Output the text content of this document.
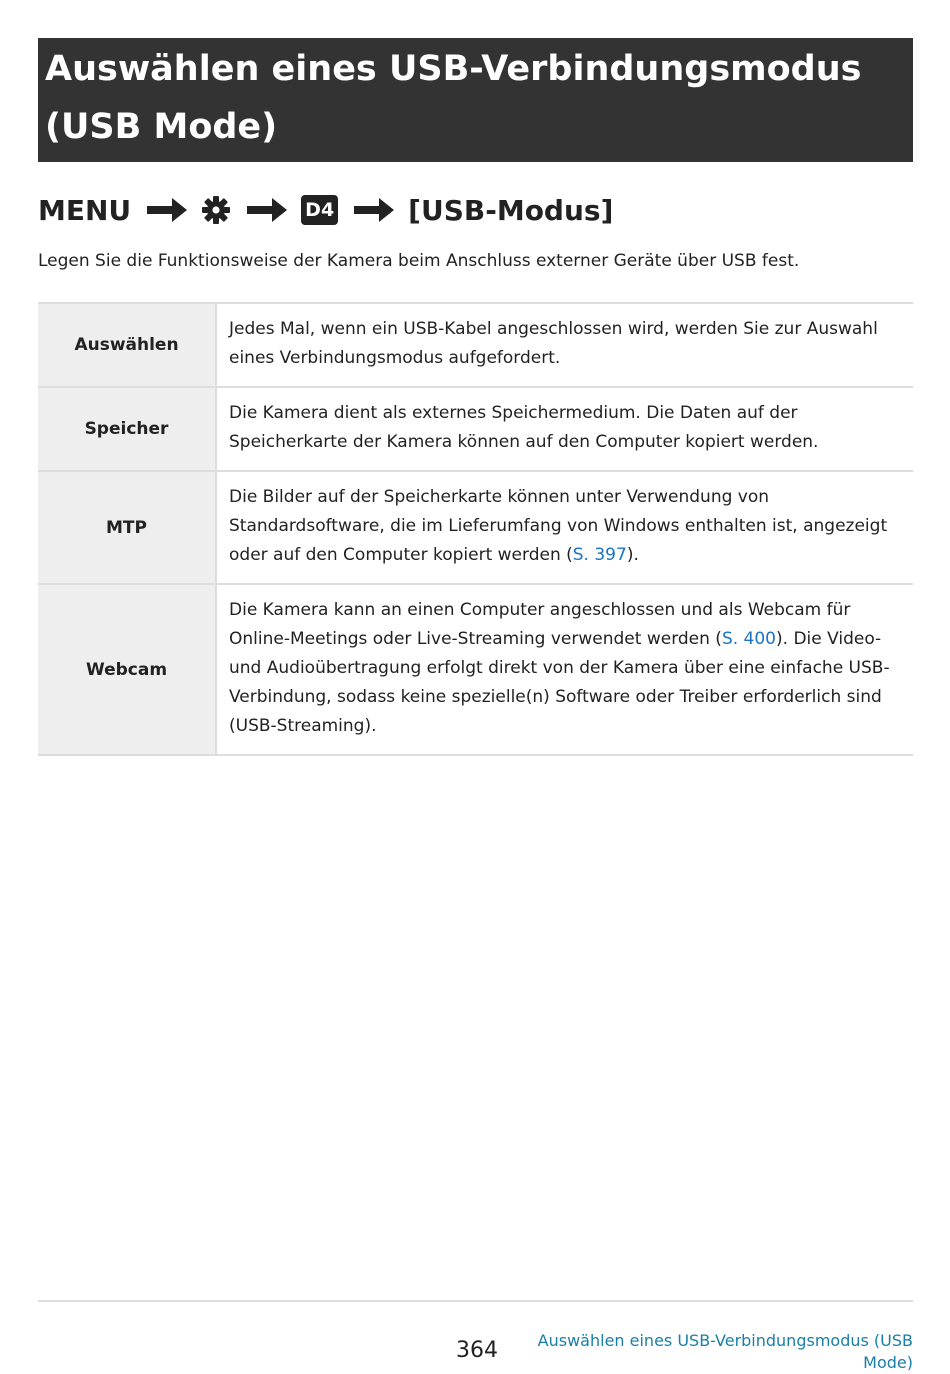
Auswählen eines USB-Verbindungsmodus
(USB Mode)
MENU	D4	[USB-Modus]
Legen Sie die Funktionsweise der Kamera beim Anschluss externer Geräte über USB fest.
Auswählen	Jedes Mal, wenn ein USB-Kabel angeschlossen wird, werden Sie zur Auswahl
eines Verbindungsmodus aufgefordert.

Speicher	Die Kamera dient als externes Speichermedium. Die Daten auf der
Speicherkarte der Kamera können auf den Computer kopiert werden.

MTP	Die Bilder auf der Speicherkarte können unter Verwendung von
Standardsoftware, die im Lieferumfang von Windows enthalten ist, angezeigt
oder auf den Computer kopiert werden (S. 397).

Webcam	Die Kamera kann an einen Computer angeschlossen und als Webcam für
Online-Meetings oder Live-Streaming verwendet werden (S. 400). Die Video-
und Audioübertragung erfolgt direkt von der Kamera über eine einfache USB-
Verbindung, sodass keine spezielle(n) Software oder Treiber erforderlich sind
(USB-Streaming).
364	Auswählen eines USB-Verbindungsmodus (USB
Mode)
